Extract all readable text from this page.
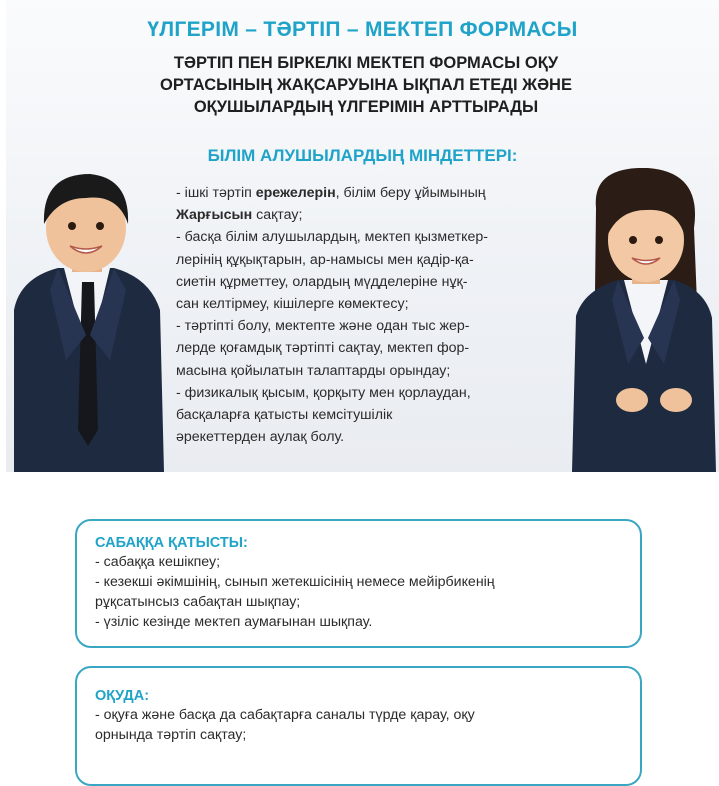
ҮЛГЕРІМ – ТӘРТІП – МЕКТЕП ФОРМАСЫ
ТӘРТІП ПЕН БІРКЕЛКІ МЕКТЕП ФОРМАСЫ ОҚУ
ОРТАСЫНЫҢ ЖАҚСАРУЫНА ЫҚПАЛ ЕТЕДІ ЖӘНЕ
ОҚУШЫЛАРДЫҢ ҮЛГЕРІМІН АРТТЫРАДЫ
БІЛІМ АЛУШЫЛАРДЫҢ МІНДЕТТЕРІ:

- ішкі тәртіп ережелерін, білім беру ұйымының

Жарғысын сақтау;

- басқа білім алушылардың, мектеп қызметкер-

лерінің құқықтарын, ар-намысы мен қадір-қа-

сиетін құрметтеу, олардың мүдделеріне нұқ-

сан келтірмеу, кішілерге көмектесу;

- тәртіпті болу, мектепте және одан тыс жер-

лерде қоғамдық тәртіпті сақтау, мектеп фор-

масына қойылатын талаптарды орындау;

- физикалық қысым, қорқыту мен қорлаудан,

басқаларға қатысты кемсітушілік

әрекеттерден аулақ болу.

САБАҚҚА ҚАТЫСТЫ:

- сабаққа кешікпеу;

- кезекші әкімшінің, сынып жетекшісінің немесе мейірбикенің

рұқсатынсыз сабақтан шықпау;

- үзіліс кезінде мектеп аумағынан шықпау.

ОҚУДА:

- оқуға және басқа да сабақтарға саналы түрде қарау, оқу

орнында тәртіп сақтау;
